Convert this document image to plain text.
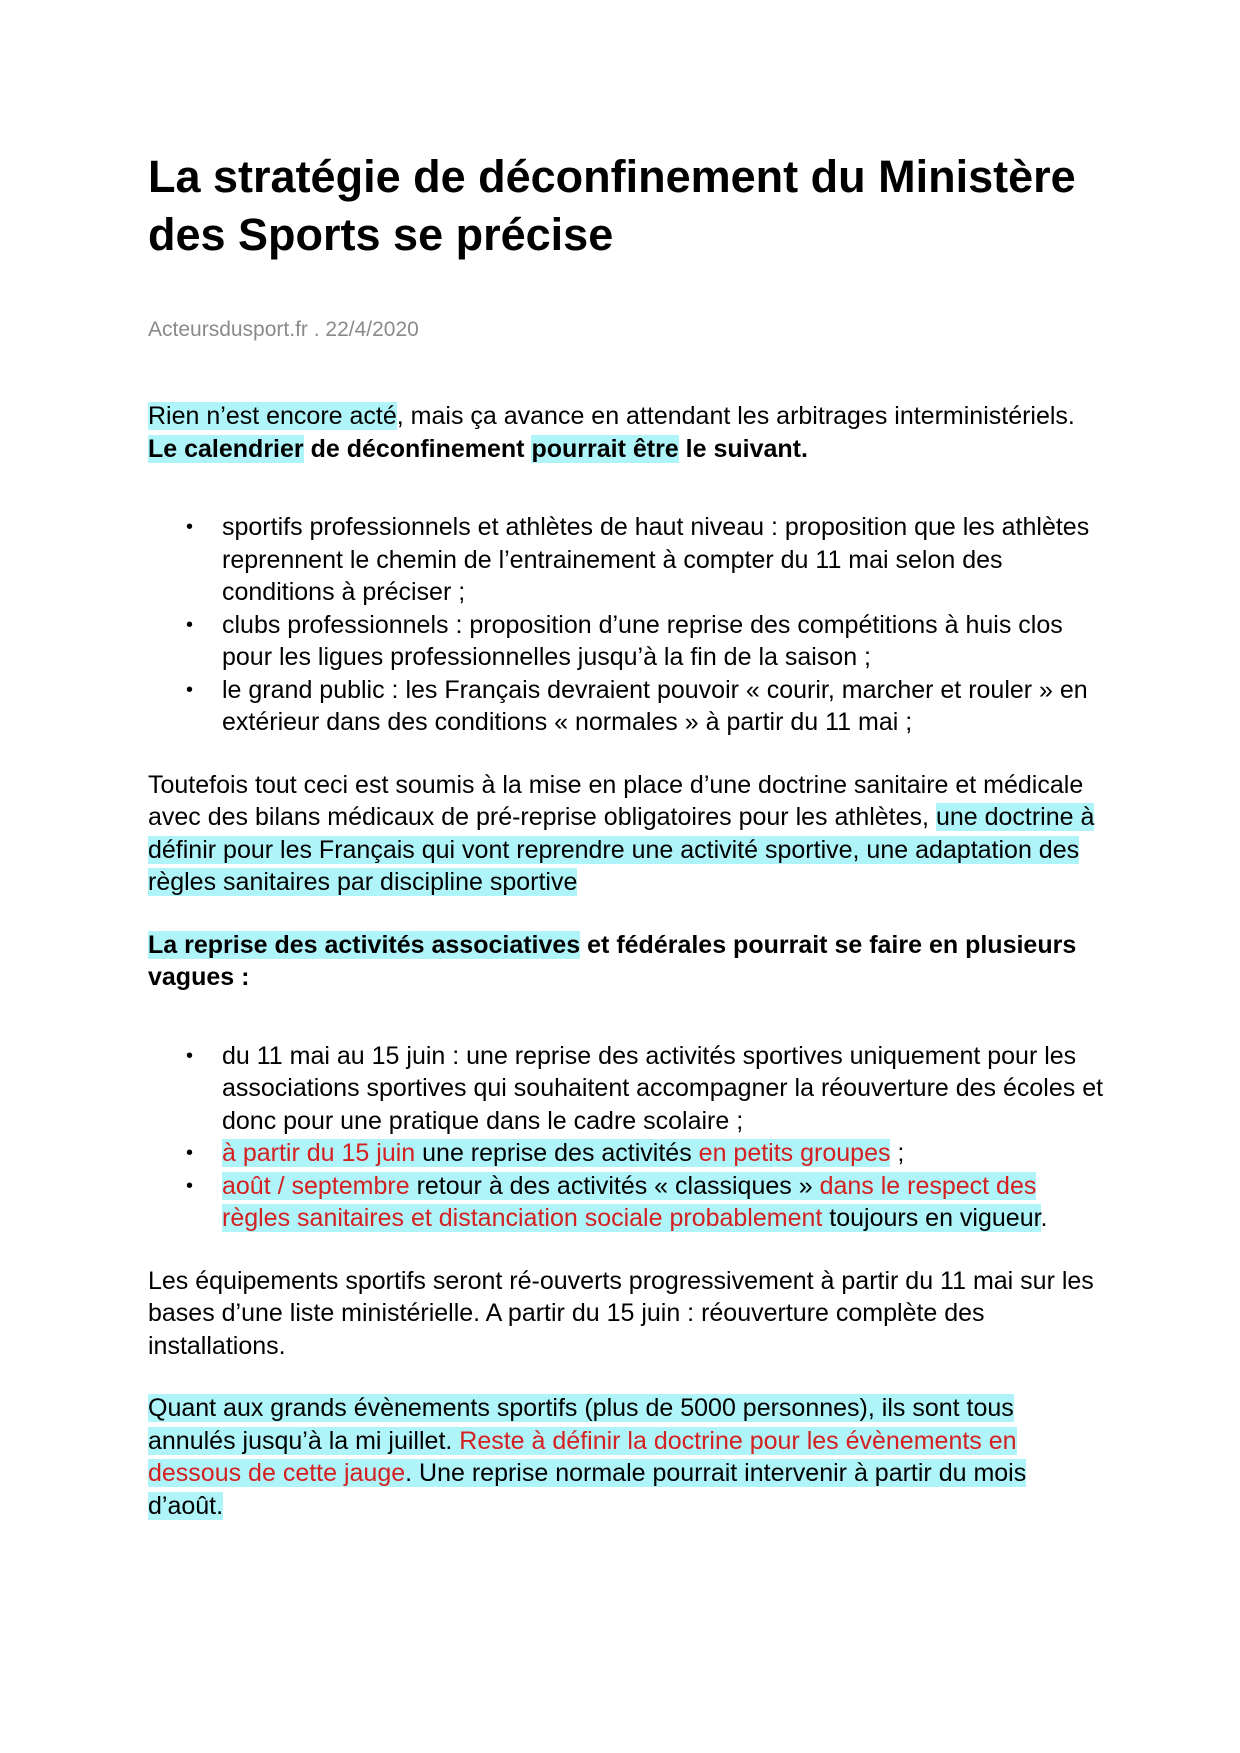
La stratégie de déconfinement du Ministère des Sports se précise
Acteursdusport.fr . 22/4/2020

Rien n’est encore acté, mais ça avance en attendant les arbitrages interministériels. Le calendrier de déconfinement pourrait être le suivant.

• sportifs professionnels et athlètes de haut niveau : proposition que les athlètes reprennent le chemin de l’entrainement à compter du 11 mai selon des conditions à préciser ;
• clubs professionnels : proposition d’une reprise des compétitions à huis clos pour les ligues professionnelles jusqu’à la fin de la saison ;
• le grand public : les Français devraient pouvoir « courir, marcher et rouler » en extérieur dans des conditions « normales » à partir du 11 mai ;

Toutefois tout ceci est soumis à la mise en place d’une doctrine sanitaire et médicale avec des bilans médicaux de pré-reprise obligatoires pour les athlètes, une doctrine à définir pour les Français qui vont reprendre une activité sportive, une adaptation des règles sanitaires par discipline sportive

La reprise des activités associatives et fédérales pourrait se faire en plusieurs vagues :

• du 11 mai au 15 juin : une reprise des activités sportives uniquement pour les associations sportives qui souhaitent accompagner la réouverture des écoles et donc pour une pratique dans le cadre scolaire ;
• à partir du 15 juin une reprise des activités en petits groupes ;
• août / septembre retour à des activités « classiques » dans le respect des règles sanitaires et distanciation sociale probablement toujours en vigueur.

Les équipements sportifs seront ré-ouverts progressivement à partir du 11 mai sur les bases d’une liste ministérielle. A partir du 15 juin : réouverture complète des installations.

Quant aux grands évènements sportifs (plus de 5000 personnes), ils sont tous annulés jusqu’à la mi juillet. Reste à définir la doctrine pour les évènements en dessous de cette jauge. Une reprise normale pourrait intervenir à partir du mois d’août.
